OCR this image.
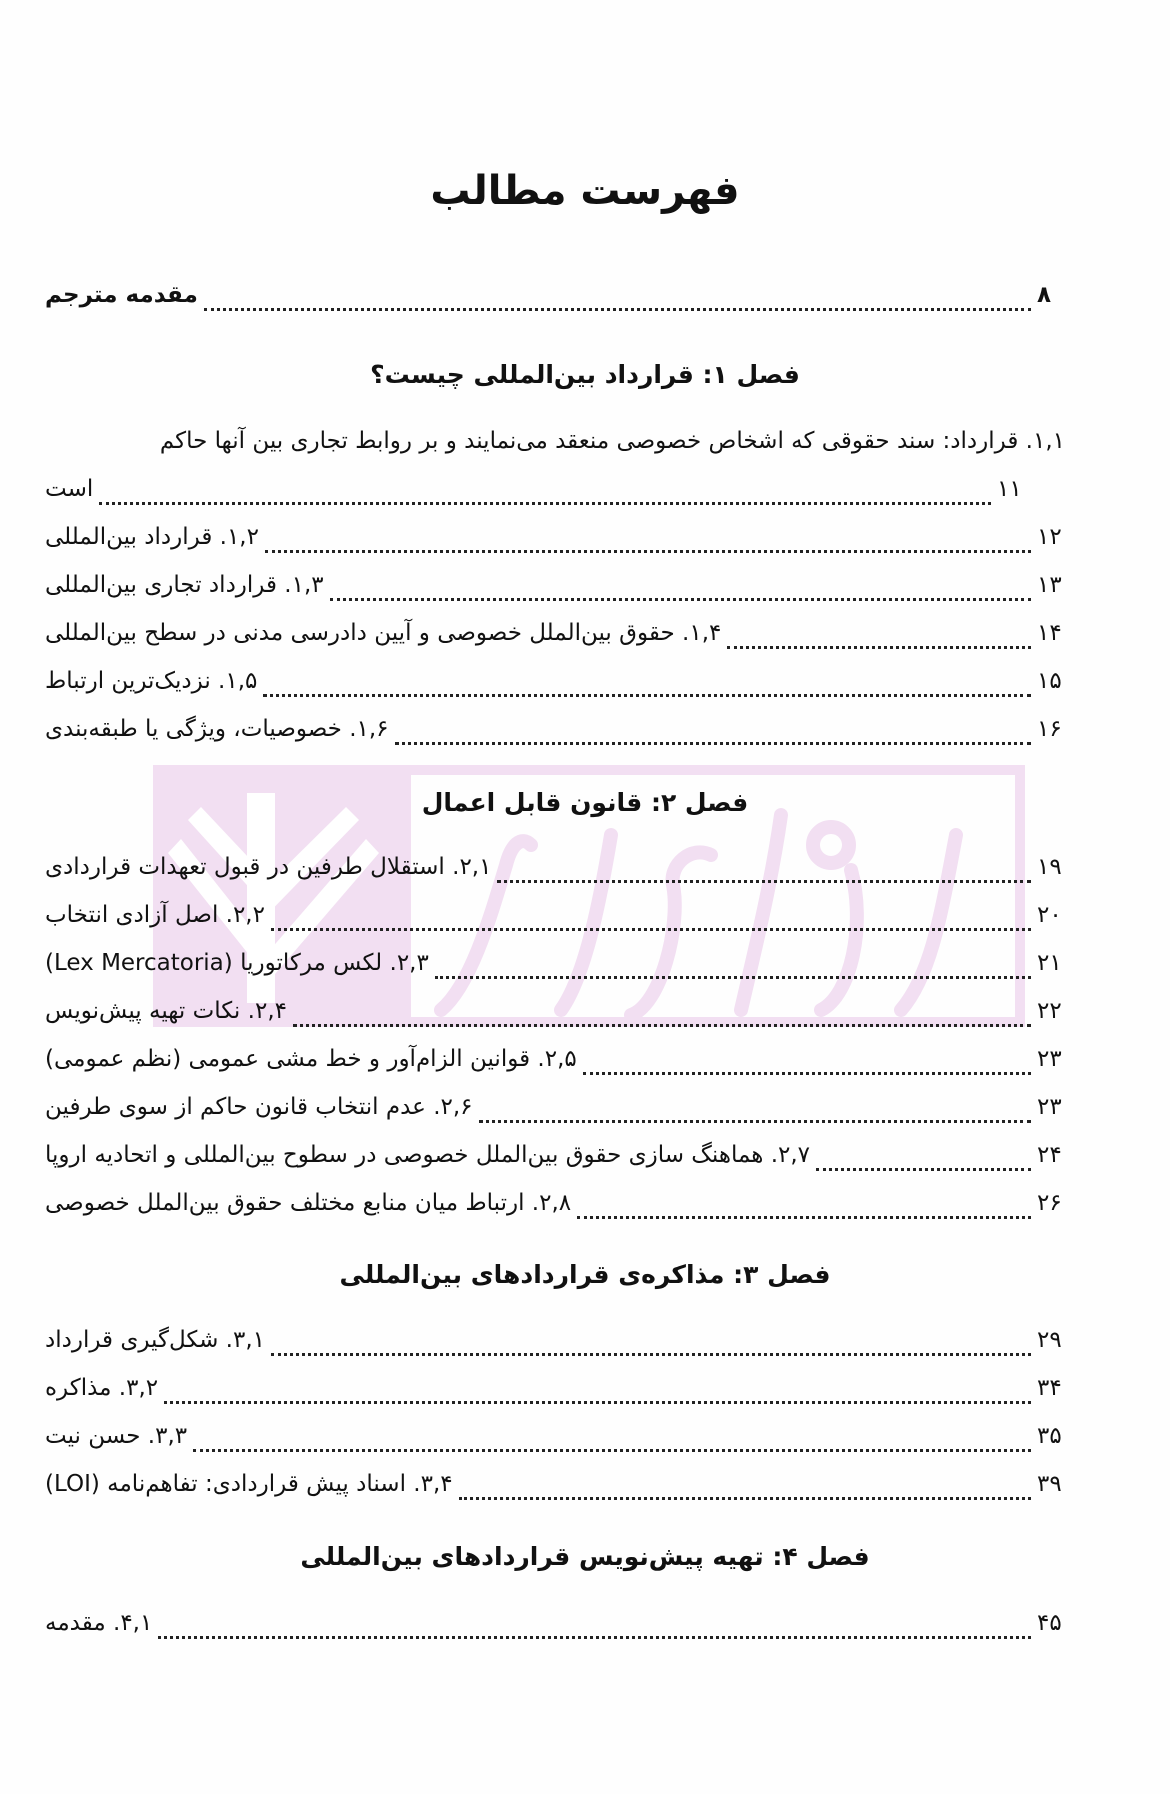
فهرست مطالب
مقدمه مترجم	۸
فصل ۱: قرارداد بین‌المللی چیست؟
۱,۱. قرارداد: سند حقوقی که اشخاص خصوصی منعقد می‌نمایند و بر روابط تجاری بین آنها حاکم
است	۱۱
۱,۲. قرارداد بین‌المللی	۱۲
۱,۳. قرارداد تجاری بین‌المللی	۱۳
۱,۴. حقوق بین‌الملل خصوصی و آیین دادرسی مدنی در سطح بین‌المللی	۱۴
۱,۵. نزدیک‌ترین ارتباط	۱۵
۱,۶. خصوصیات، ویژگی یا طبقه‌بندی	۱۶
فصل ۲: قانون قابل اعمال
۲,۱. استقلال طرفین در قبول تعهدات قراردادی	۱۹
۲,۲. اصل آزادی انتخاب	۲۰
۲,۳. لکس مرکاتوریا (Lex Mercatoria)	۲۱
۲,۴. نکات تهیه پیش‌نویس	۲۲
۲,۵. قوانین الزام‌آور و خط مشی عمومی (نظم عمومی)	۲۳
۲,۶. عدم انتخاب قانون حاکم از سوی طرفین	۲۳
۲,۷. هماهنگ سازی حقوق بین‌الملل خصوصی در سطوح بین‌المللی و اتحادیه اروپا	۲۴
۲,۸. ارتباط میان منابع مختلف حقوق بین‌الملل خصوصی	۲۶
فصل ۳: مذاکره‌ی قراردادهای بین‌المللی
۳,۱. شکل‌گیری قرارداد	۲۹
۳,۲. مذاکره	۳۴
۳,۳. حسن نیت	۳۵
۳,۴. اسناد پیش قراردادی: تفاهم‌نامه (LOI)	۳۹
فصل ۴: تهیه پیش‌نویس قراردادهای بین‌المللی
۴,۱. مقدمه	۴۵
